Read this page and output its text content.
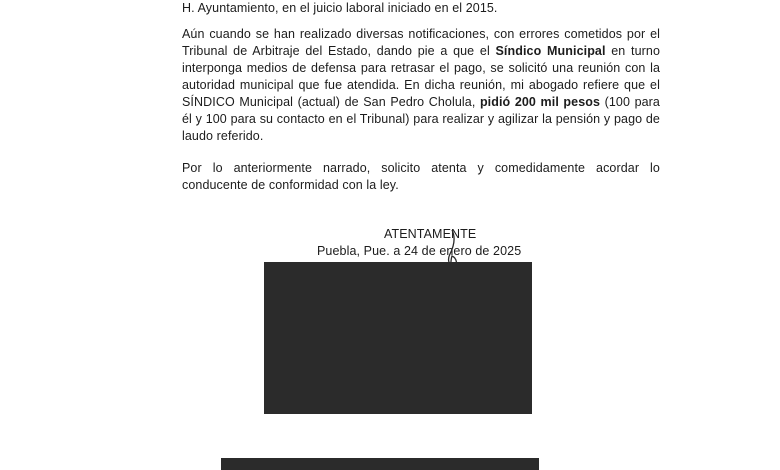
H. Ayuntamiento, en el juicio laboral iniciado en el 2015.
Aún cuando se han realizado diversas notificaciones, con errores cometidos por el
Tribunal de Arbitraje del Estado, dando pie a que el Síndico Municipal en turno
interponga medios de defensa para retrasar el pago, se solicitó una reunión con la
autoridad municipal que fue atendida. En dicha reunión, mi abogado refiere que el
SÍNDICO Municipal (actual) de San Pedro Cholula, pidió 200 mil pesos (100 para
él y 100 para su contacto en el Tribunal) para realizar y agilizar la pensión y pago de
laudo referido.
Por lo anteriormente narrado, solicito atenta y comedidamente acordar lo
conducente de conformidad con la ley.
ATENTAMENTE
Puebla, Pue. a 24 de enero de 2025
